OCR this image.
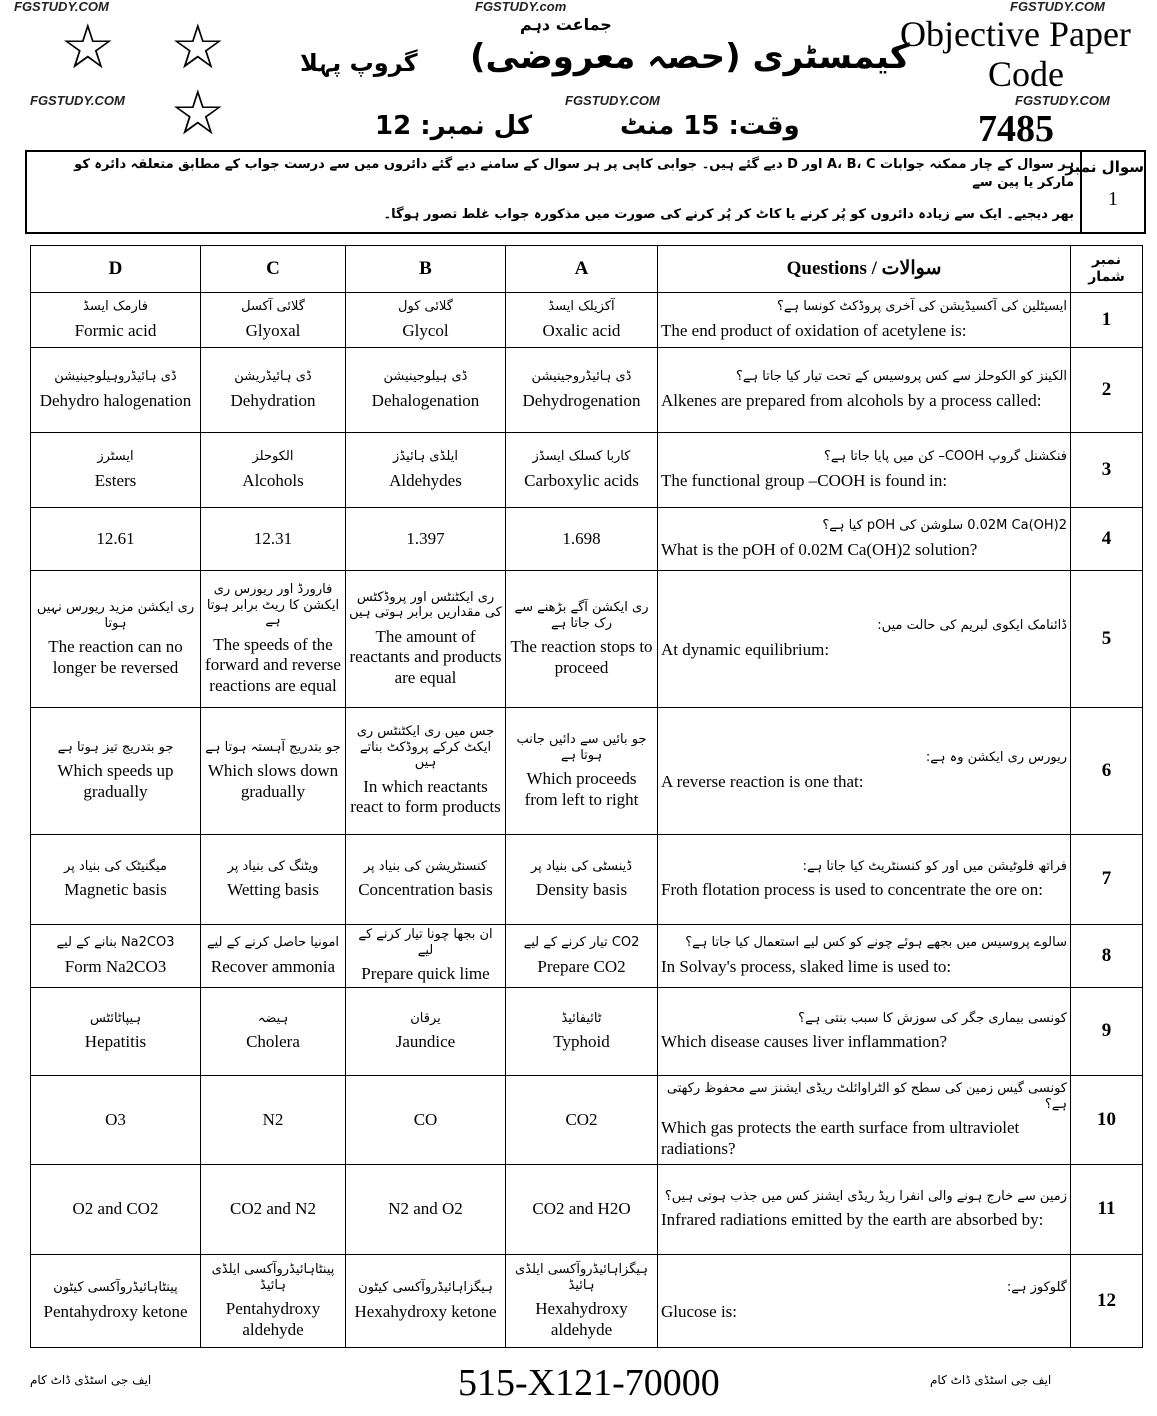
FGSTUDY.COM	FGSTUDY.com	FGSTUDY.COM
FGSTUDY.COM	FGSTUDY.COM	FGSTUDY.COM
☆ ☆
☆
جماعت دہم
کیمسٹری (حصہ معروضی)
گروپ پہلا
وقت: 15 منٹ
کل نمبر: 12
Objective Paper
Code
7485
سوال نمبر
1
ہر سوال کے چار ممکنہ جوابات A، B، C اور D دیے گئے ہیں۔ جوابی کاپی پر ہر سوال کے سامنے دیے گئے دائروں میں سے درست جواب کے مطابق متعلقہ دائرہ کو مارکر یا پین سے
بھر دیجیے۔ ایک سے زیادہ دائروں کو پُر کرنے یا کاٹ کر پُر کرنے کی صورت میں مذکورہ جواب غلط تصور ہوگا۔
D	C	B	A	Questions / سوالات	نمبر شمار

فارمک ایسڈ
Formic acid	گلائی آکسل
Glyoxal	گلائی کول
Glycol	آکزیلک ایسڈ
Oxalic acid	ایسیٹلین کی آکسیڈیشن کی آخری پروڈکٹ کونسا ہے؟
The end product of oxidation of acetylene is:	1

ڈی ہائیڈروہیلوجینیشن
Dehydro halogenation	ڈی ہائیڈریشن
Dehydration	ڈی ہیلوجینیشن
Dehalogenation	ڈی ہائیڈروجینیشن
Dehydrogenation	الکینز کو الکوحلز سے کس پروسیس کے تحت تیار کیا جاتا ہے؟
Alkenes are prepared from alcohols by a process called:	2

ایسٹرز
Esters	الکوحلز
Alcohols	ایلڈی ہائیڈز
Aldehydes	کاربا کسلک ایسڈز
Carboxylic acids	فنکشنل گروپ COOH– کن میں پایا جاتا ہے؟
The functional group –COOH is found in:	3
12.61	12.31	1.397	1.698	0.02M Ca(OH)2 سلوشن کی pOH کیا ہے؟
What is the pOH of 0.02M Ca(OH)2 solution?	4

ری ایکشن مزید ریورس نہیں ہوتا
The reaction can no longer be reversed	فارورڈ اور ریورس ری ایکشن کا ریٹ برابر ہوتا ہے
The speeds of the forward and reverse reactions are equal	ری ایکٹنٹس اور پروڈکٹس کی مقداریں برابر ہوتی ہیں
The amount of reactants and products are equal	ری ایکشن آگے بڑھنے سے رک جاتا ہے
The reaction stops to proceed	ڈائنامک ایکوی لبریم کی حالت میں:
At dynamic equilibrium:	5

جو بتدریج تیز ہوتا ہے
Which speeds up gradually	جو بتدریج آہستہ ہوتا ہے
Which slows down gradually	جس میں ری ایکٹنٹس ری ایکٹ کرکے پروڈکٹ بناتے ہیں
In which reactants react to form products	جو بائیں سے دائیں جانب ہوتا ہے
Which proceeds from left to right	ریورس ری ایکشن وہ ہے:
A reverse reaction is one that:	6

میگنیٹک کی بنیاد پر
Magnetic basis	ویٹنگ کی بنیاد پر
Wetting basis	کنسنٹریشن کی بنیاد پر
Concentration basis	ڈینسٹی کی بنیاد پر
Density basis	فراتھ فلوٹیشن میں اور کو کنسنٹریٹ کیا جاتا ہے:
Froth flotation process is used to concentrate the ore on:	7

Na2CO3 بنانے کے لیے
Form Na2CO3	امونیا حاصل کرنے کے لیے
Recover ammonia	ان بجھا چونا تیار کرنے کے لیے
Prepare quick lime	CO2 تیار کرنے کے لیے
Prepare CO2	سالوے پروسیس میں بجھے ہوئے چونے کو کس لیے استعمال کیا جاتا ہے؟
In Solvay's process, slaked lime is used to:	8

ہیپاٹائٹس
Hepatitis	ہیضہ
Cholera	یرقان
Jaundice	ٹائیفائیڈ
Typhoid	کونسی بیماری جگر کی سوزش کا سبب بنتی ہے؟
Which disease causes liver inflammation?	9
O3	N2	CO	CO2	کونسی گیس زمین کی سطح کو الٹراوائلٹ ریڈی ایشنز سے محفوظ رکھتی ہے؟
Which gas protects the earth surface from ultraviolet radiations?	10
O2 and CO2	CO2 and N2	N2 and O2	CO2 and H2O	زمین سے خارج ہونے والی انفرا ریڈ ریڈی ایشنز کس میں جذب ہوتی ہیں؟
Infrared radiations emitted by the earth are absorbed by:	11

پینٹاہائیڈروآکسی کیٹون
Pentahydroxy ketone	پینٹاہائیڈروآکسی ایلڈی ہائیڈ
Pentahydroxy aldehyde	ہیگزاہائیڈروآکسی کیٹون
Hexahydroxy ketone	ہیگزاہائیڈروآکسی ایلڈی ہائیڈ
Hexahydroxy aldehyde	گلوکوز ہے:
Glucose is:	12
ایف جی اسٹڈی ڈاٹ کام	ایف جی اسٹڈی ڈاٹ کام
515-X121-70000
